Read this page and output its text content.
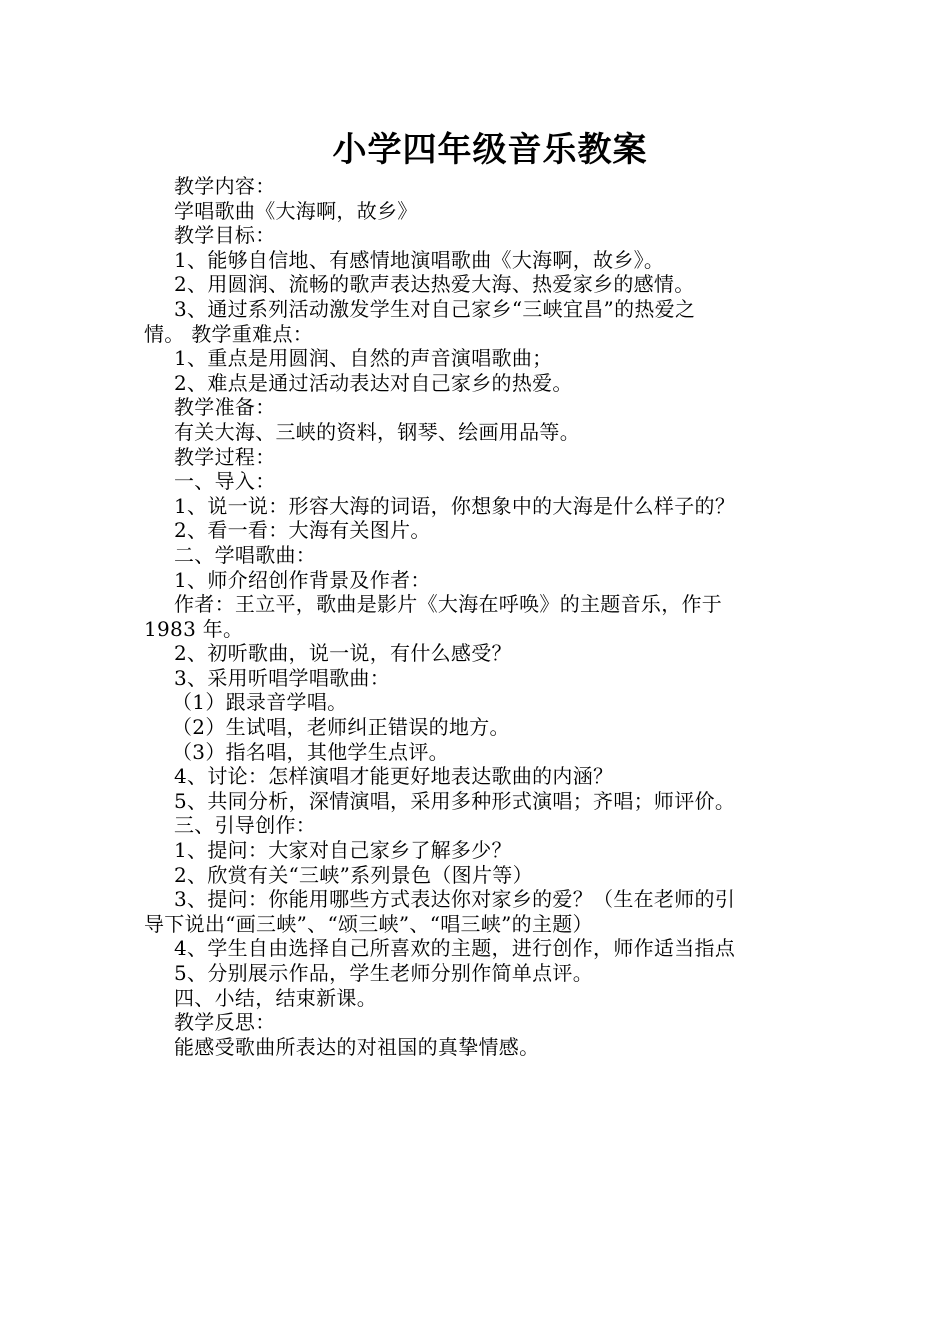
小学四年级音乐教案
教学内容：
学唱歌曲《大海啊，故乡》
教学目标：
1、能够自信地、有感情地演唱歌曲《大海啊，故乡》。
2、用圆润、流畅的歌声表达热爱大海、热爱家乡的感情。
3、通过系列活动激发学生对自己家乡“三峡宜昌”的热爱之
情。 教学重难点：
1、重点是用圆润、自然的声音演唱歌曲；
2、难点是通过活动表达对自己家乡的热爱。
教学准备：
有关大海、三峡的资料，钢琴、绘画用品等。
教学过程：
一、导入：
1、说一说：形容大海的词语，你想象中的大海是什么样子的？
2、看一看：大海有关图片。
二、学唱歌曲：
1、师介绍创作背景及作者：
作者：王立平，歌曲是影片《大海在呼唤》的主题音乐，作于
1983 年。
2、初听歌曲，说一说，有什么感受？
3、采用听唱学唱歌曲：
（1）跟录音学唱。
（2）生试唱，老师纠正错误的地方。
（3）指名唱，其他学生点评。
4、讨论：怎样演唱才能更好地表达歌曲的内涵？
5、共同分析，深情演唱，采用多种形式演唱；齐唱；师评价。
三、引导创作：
1、提问：大家对自己家乡了解多少？
2、欣赏有关“三峡”系列景色（图片等）
3、提问：你能用哪些方式表达你对家乡的爱？（生在老师的引
导下说出“画三峡”、“颂三峡”、“唱三峡”的主题）
4、学生自由选择自己所喜欢的主题，进行创作，师作适当指点
5、分别展示作品，学生老师分别作简单点评。
四、小结，结束新课。
教学反思：
能感受歌曲所表达的对祖国的真挚情感。
